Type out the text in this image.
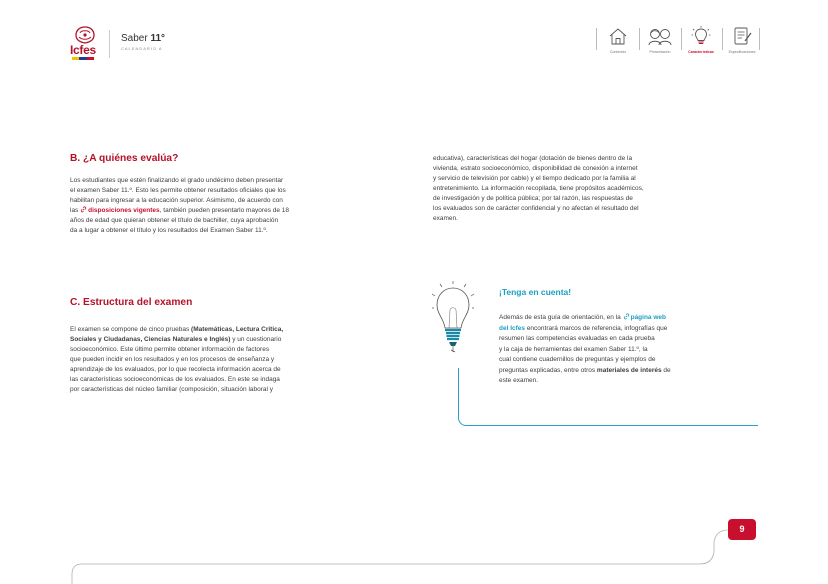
Icfes
Saber 11°
CALENDARIO A
Contenido	Presentación	Características	Especificaciones
B. ¿A quiénes evalúa?
Los estudiantes que estén finalizando el grado undécimo deben presentar
el examen Saber 11.º. Esto les permite obtener resultados oficiales que los
habilitan para ingresar a la educación superior. Asimismo, de acuerdo con
las disposiciones vigentes, también pueden presentarlo mayores de 18
años de edad que quieran obtener el título de bachiller, cuya aprobación
da a lugar a obtener el título y los resultados del Examen Saber 11.º.
C. Estructura del examen
El examen se compone de cinco pruebas (Matemáticas, Lectura Crítica,
Sociales y Ciudadanas, Ciencias Naturales e Inglés) y un cuestionario
socioeconómico. Este último permite obtener información de factores
que pueden incidir en los resultados y en los procesos de enseñanza y
aprendizaje de los evaluados, por lo que recolecta información acerca de
las características socioeconómicas de los evaluados. En este se indaga
por características del núcleo familiar (composición, situación laboral y
educativa), características del hogar (dotación de bienes dentro de la
vivienda, estrato socioeconómico, disponibilidad de conexión a internet
y servicio de televisión por cable) y el tiempo dedicado por la familia al
entretenimiento. La información recopilada, tiene propósitos académicos,
de investigación y de política pública; por tal razón, las respuestas de
los evaluados son de carácter confidencial y no afectan el resultado del
examen.
¡Tenga en cuenta!
Además de esta guía de orientación, en la página web
del Icfes encontrará marcos de referencia, infografías que
resumen las competencias evaluadas en cada prueba
y la caja de herramientas del examen Saber 11.º, la
cual contiene cuadernillos de preguntas y ejemplos de
preguntas explicadas, entre otros materiales de interés de
este examen.
9
